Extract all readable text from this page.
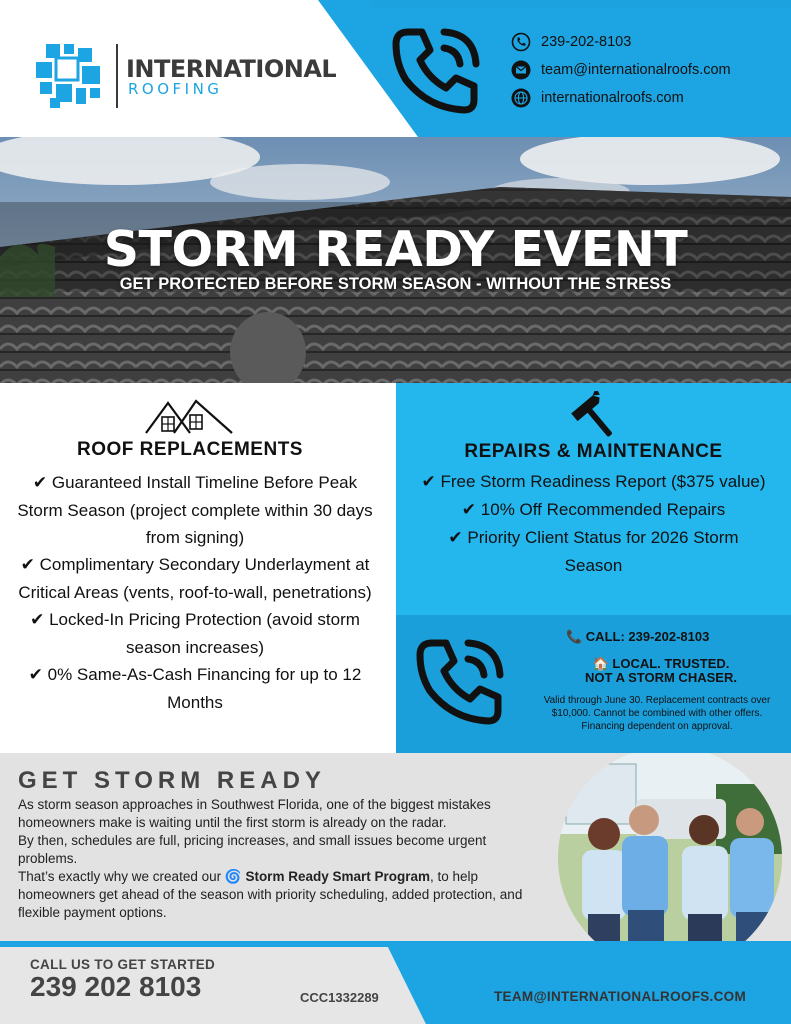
INTERNATIONAL
ROOFING
239-202-8103
team@internationalroofs.com
internationalroofs.com
STORM READY EVENT
GET PROTECTED BEFORE STORM SEASON - WITHOUT THE STRESS
ROOF REPLACEMENTS
✔ Guaranteed Install Timeline Before Peak Storm Season (project complete within 30 days from signing)
✔ Complimentary Secondary Underlayment at Critical Areas (vents, roof-to-wall, penetrations)
✔ Locked-In Pricing Protection (avoid storm season increases)
✔ 0% Same-As-Cash Financing for up to 12 Months
REPAIRS & MAINTENANCE
✔ Free Storm Readiness Report ($375 value)
✔ 10% Off Recommended Repairs
✔ Priority Client Status for 2026 Storm Season
📞 CALL: 239-202-8103
🏠 LOCAL. TRUSTED.
NOT A STORM CHASER.
Valid through June 30. Replacement contracts over $10,000. Cannot be combined with other offers. Financing dependent on approval.
GET STORM READY
As storm season approaches in Southwest Florida, one of the biggest mistakes homeowners make is waiting until the first storm is already on the radar.
By then, schedules are full, pricing increases, and small issues become urgent problems.
That’s exactly why we created our 🌀 Storm Ready Smart Program, to help homeowners get ahead of the season with priority scheduling, added protection, and flexible payment options.
CALL US TO GET STARTED
239 202 8103	CCC1332289	TEAM@INTERNATIONALROOFS.COM
